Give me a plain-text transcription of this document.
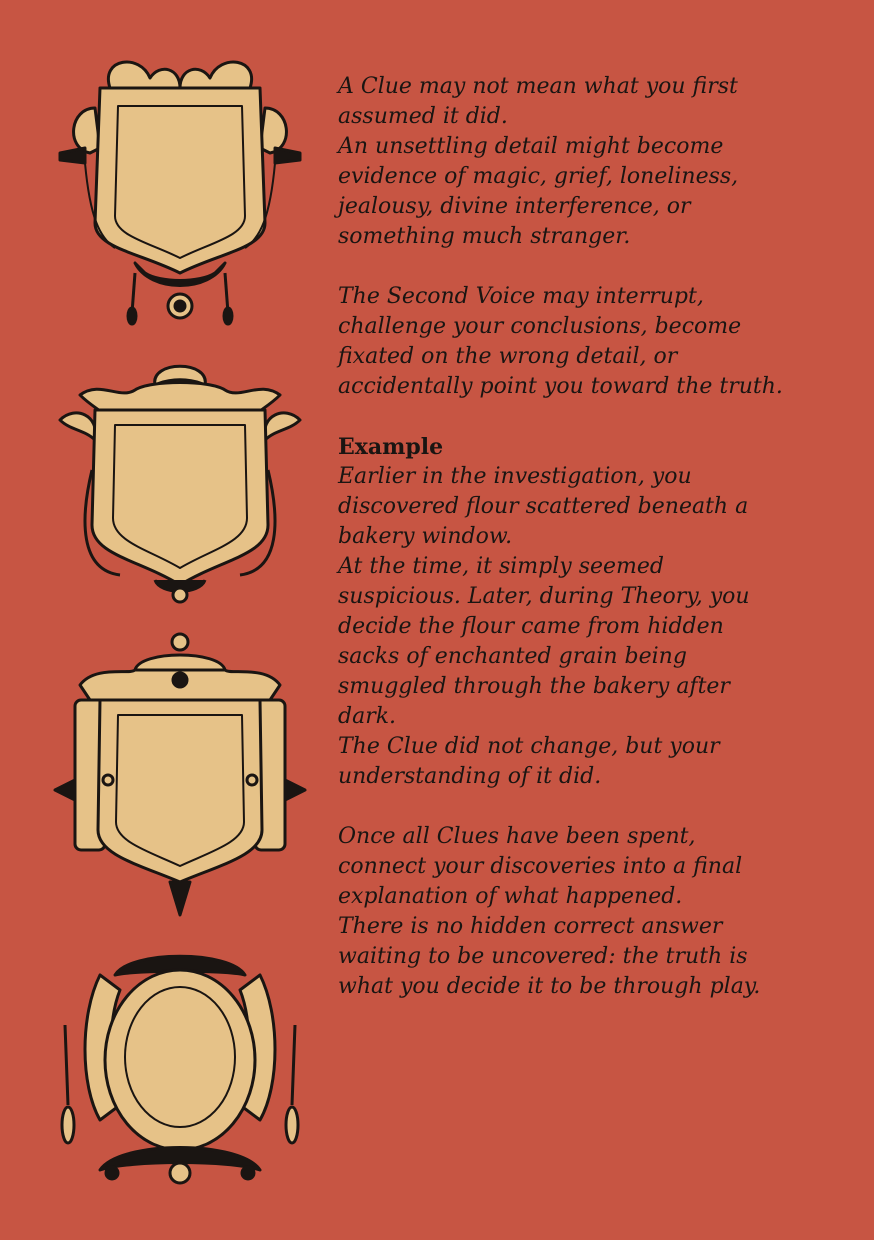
A Clue may not mean what you first
assumed it did.
An unsettling detail might become
evidence of magic, grief, loneliness,
jealousy, divine interference, or
something much stranger.

The Second Voice may interrupt,
challenge your conclusions, become
fixated on the wrong detail, or
accidentally point you toward the truth.

Example

Earlier in the investigation, you
discovered flour scattered beneath a
bakery window.
At the time, it simply seemed
suspicious. Later, during Theory, you
decide the flour came from hidden
sacks of enchanted grain being
smuggled through the bakery after
dark.
The Clue did not change, but your
understanding of it did.

Once all Clues have been spent,
connect your discoveries into a final
explanation of what happened.
There is no hidden correct answer
waiting to be uncovered: the truth is
what you decide it to be through play.
